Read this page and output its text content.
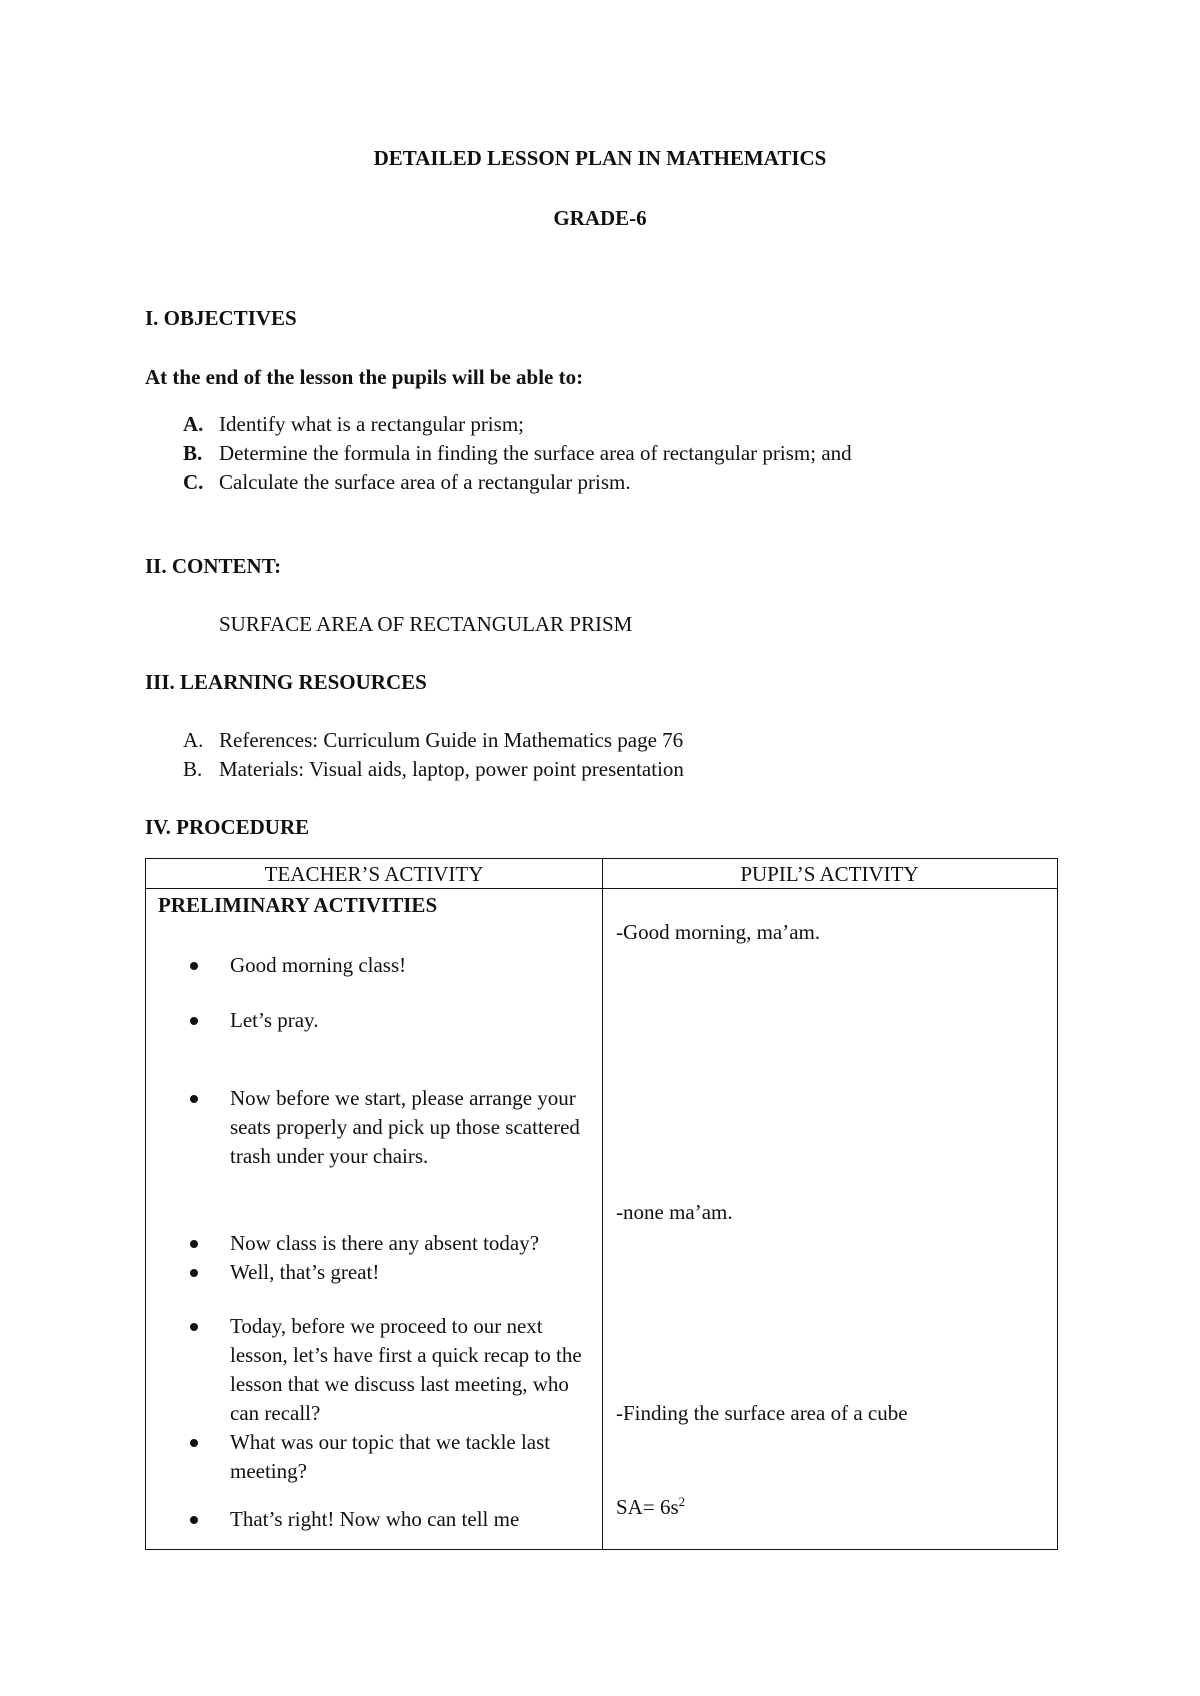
DETAILED LESSON PLAN IN MATHEMATICS
GRADE-6
I. OBJECTIVES
At the end of the lesson the pupils will be able to:
A. Identify what is a rectangular prism;
B. Determine the formula in finding the surface area of rectangular prism; and
C. Calculate the surface area of a rectangular prism.
II. CONTENT:
SURFACE AREA OF RECTANGULAR PRISM
III. LEARNING RESOURCES
A. References: Curriculum Guide in Mathematics page 76
B. Materials: Visual aids, laptop, power point presentation
IV. PROCEDURE
TEACHER’S ACTIVITY	PUPIL’S ACTIVITY
PRELIMINARY ACTIVITIES
Good morning class!
Let’s pray.
Now before we start, please arrange your seats properly and pick up those scattered trash under your chairs.
Now class is there any absent today?
Well, that’s great!
Today, before we proceed to our next lesson, let’s have first a quick recap to the lesson that we discuss last meeting, who can recall?
What was our topic that we tackle last meeting?
That’s right! Now who can tell me
-Good morning, ma’am.
-none ma’am.
-Finding the surface area of a cube
$SA= 6s^2$
